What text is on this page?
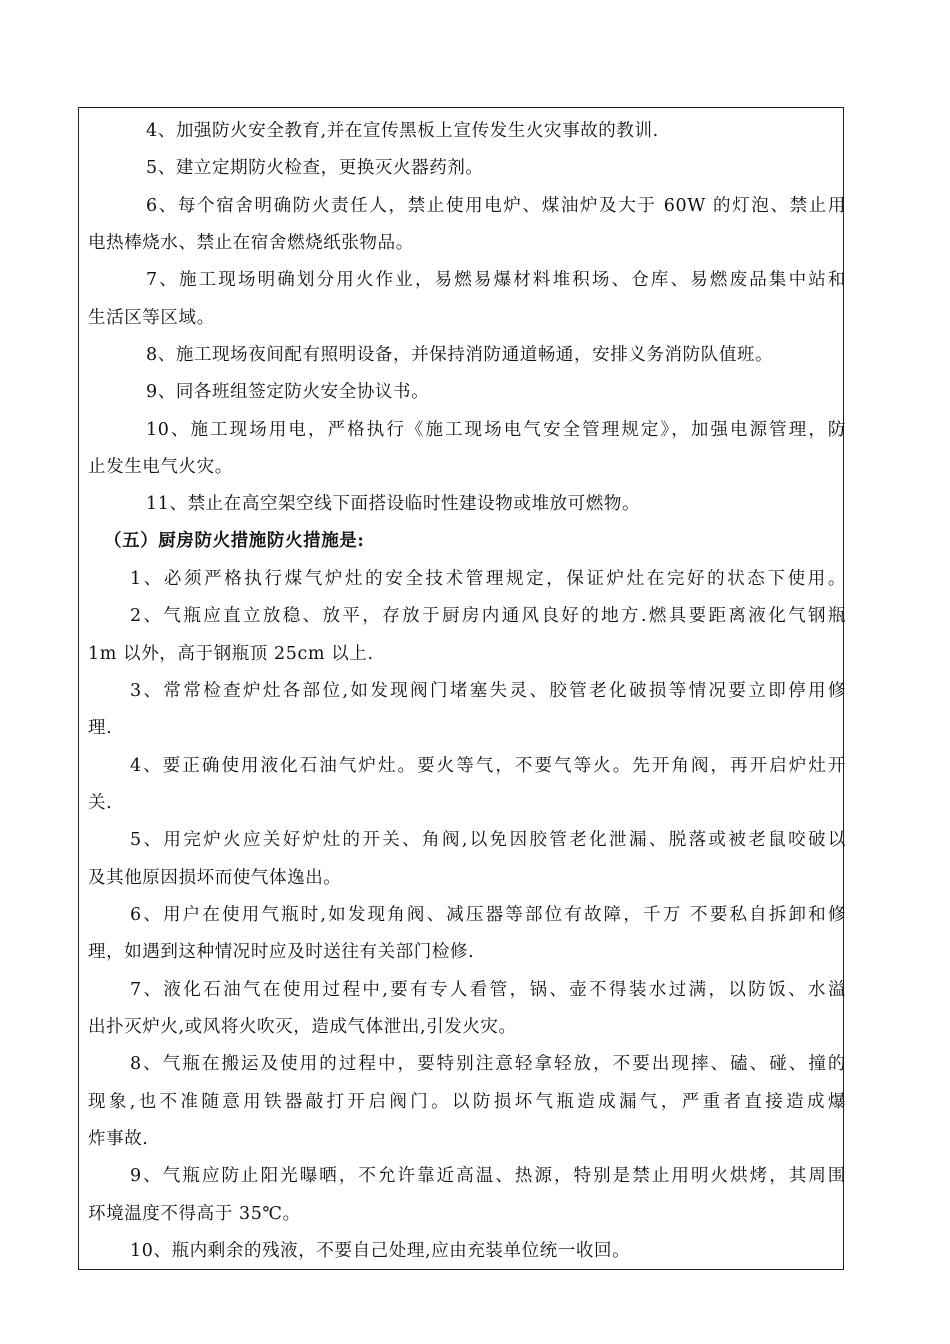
4、加强防火安全教育,并在宣传黑板上宣传发生火灾事故的教训.
5、建立定期防火检查，更换灭火器药剂。
6、每个宿舍明确防火责任人，禁止使用电炉、煤油炉及大于 60W 的灯泡、禁止用
电热棒烧水、禁止在宿舍燃烧纸张物品。
7、施工现场明确划分用火作业，易燃易爆材料堆积场、仓库、易燃废品集中站和
生活区等区域。
8、施工现场夜间配有照明设备，并保持消防通道畅通，安排义务消防队值班。
9、同各班组签定防火安全协议书。
10、施工现场用电，严格执行《施工现场电气安全管理规定》，加强电源管理，防
止发生电气火灾。
11、禁止在高空架空线下面搭设临时性建设物或堆放可燃物。
（五）厨房防火措施防火措施是:
1、必须严格执行煤气炉灶的安全技术管理规定，保证炉灶在完好的状态下使用。
2、气瓶应直立放稳、放平，存放于厨房内通风良好的地方.燃具要距离液化气钢瓶
1m 以外，高于钢瓶顶 25cm 以上.
3、常常检查炉灶各部位,如发现阀门堵塞失灵、胶管老化破损等情况要立即停用修
理.
4、要正确使用液化石油气炉灶。要火等气，不要气等火。先开角阀，再开启炉灶开
关.
5、用完炉火应关好炉灶的开关、角阀,以免因胶管老化泄漏、脱落或被老鼠咬破以
及其他原因损坏而使气体逸出。
6、用户在使用气瓶时,如发现角阀、减压器等部位有故障，千万 不要私自拆卸和修
理，如遇到这种情况时应及时送往有关部门检修.
7、液化石油气在使用过程中,要有专人看管，锅、壶不得装水过满，以防饭、水溢
出扑灭炉火,或风将火吹灭，造成气体泄出,引发火灾。
8、气瓶在搬运及使用的过程中，要特别注意轻拿轻放，不要出现摔、磕、碰、撞的
现象,也不准随意用铁器敲打开启阀门。以防损坏气瓶造成漏气，严重者直接造成爆
炸事故.
9、气瓶应防止阳光曝晒，不允许靠近高温、热源，特别是禁止用明火烘烤，其周围
环境温度不得高于 35℃。
10、瓶内剩余的残液，不要自己处理,应由充装单位统一收回。
